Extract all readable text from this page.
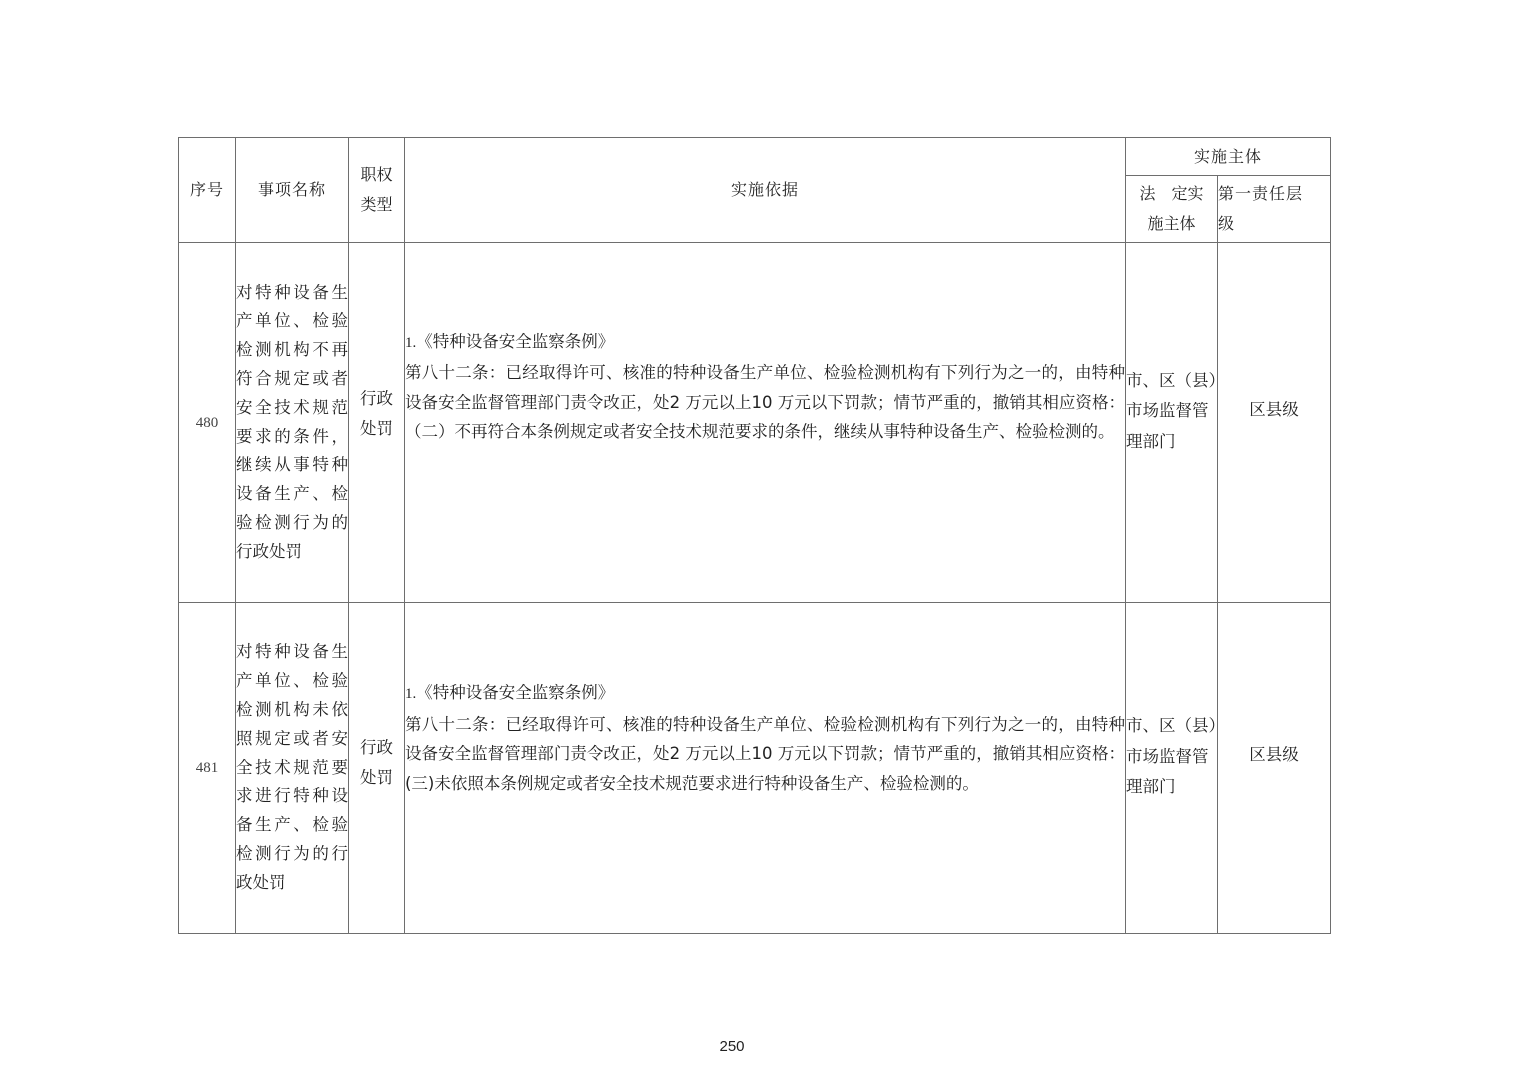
序号	事项名称	职权类型	实施依据	实施主体	
				法　定实施主体	第一责任层级
480	对特种设备生产单位、检验检测机构不再符合规定或者安全技术规范要求的条件，继续从事特种设备生产、检验检测行为的行政处罚	行政处罚	1.《特种设备安全监察条例》
第八十二条：已经取得许可、核准的特种设备生产单位、检验检测机构有下列行为之一的，由特种设备安全监督管理部门责令改正，处2 万元以上10 万元以下罚款；情节严重的，撤销其相应资格：（二）不再符合本条例规定或者安全技术规范要求的条件，继续从事特种设备生产、检验检测的。	市、区（县）市场监督管理部门	区县级

481	对特种设备生产单位、检验检测机构未依照规定或者安全技术规范要求进行特种设备生产、检验检测行为的行政处罚	行政处罚	1.《特种设备安全监察条例》
第八十二条：已经取得许可、核准的特种设备生产单位、检验检测机构有下列行为之一的，由特种设备安全监督管理部门责令改正，处2 万元以上10 万元以下罚款；情节严重的，撤销其相应资格：(三)未依照本条例规定或者安全技术规范要求进行特种设备生产、检验检测的。	市、区（县）市场监督管理部门	区县级
250
